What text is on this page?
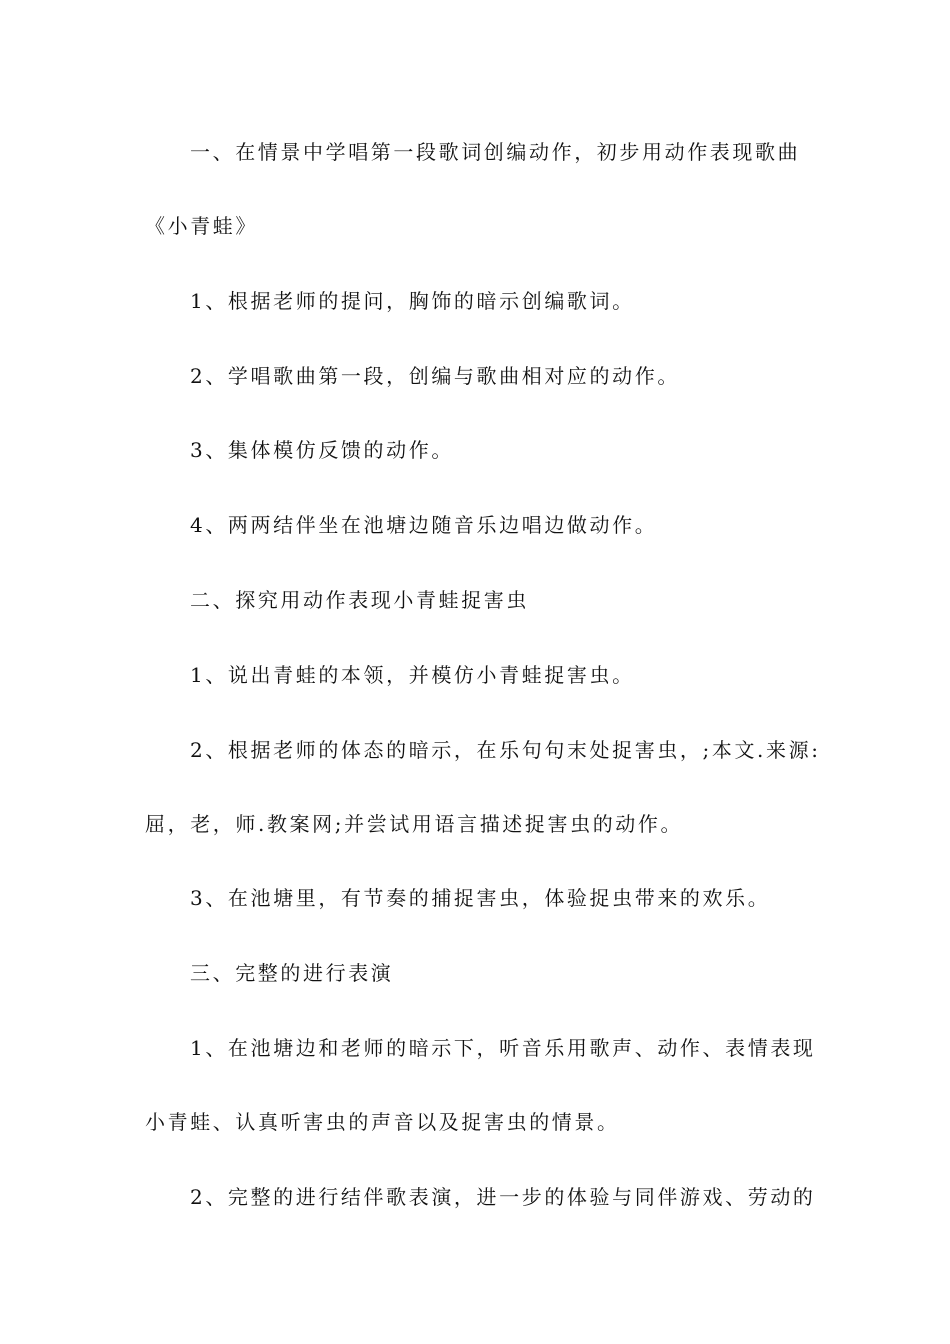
一、在情景中学唱第一段歌词创编动作，初步用动作表现歌曲
《小青蛙》
1、根据老师的提问，胸饰的暗示创编歌词。
2、学唱歌曲第一段，创编与歌曲相对应的动作。
3、集体模仿反馈的动作。
4、两两结伴坐在池塘边随音乐边唱边做动作。
二、探究用动作表现小青蛙捉害虫
1、说出青蛙的本领，并模仿小青蛙捉害虫。
2、根据老师的体态的暗示，在乐句句末处捉害虫，;本文.来源:
屈，老，师.教案网;并尝试用语言描述捉害虫的动作。
3、在池塘里，有节奏的捕捉害虫，体验捉虫带来的欢乐。
三、完整的进行表演
1、在池塘边和老师的暗示下，听音乐用歌声、动作、表情表现
小青蛙、认真听害虫的声音以及捉害虫的情景。
2、完整的进行结伴歌表演，进一步的体验与同伴游戏、劳动的
